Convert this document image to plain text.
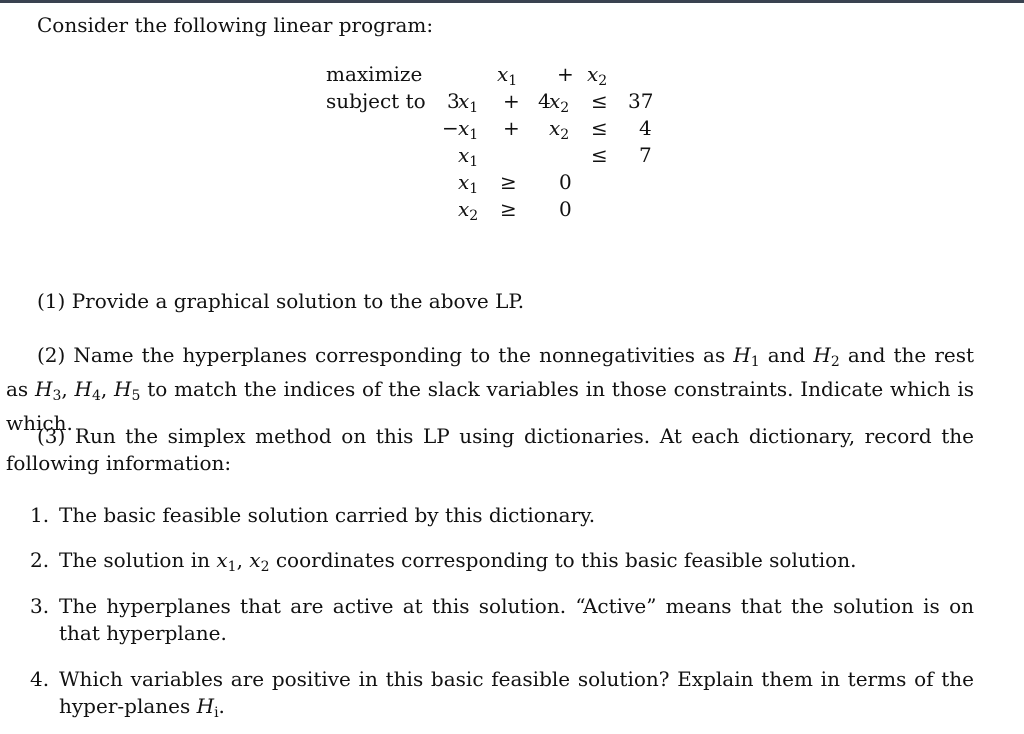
Consider the following linear program:
maximize	$x_1 + x_2$
subject to 3
$x_1 + 4$
$x_2 \le 37$
− $x_1 + x_2 \le 4$
$x_1$	≤ 7
$x_1 \ge 0$
$x_2 \ge 0$
(1) Provide a graphical solution to the above LP.
(2) Name the hyperplanes corresponding to the nonnegativities as $H_1$ and $H_2$ and the rest as $H_3$, $H_4$, $H_5$ to match the indices of the slack variables in those constraints. Indicate which is which.
(3) Run the simplex method on this LP using dictionaries. At each dictionary, record the following information:
1. The basic feasible solution carried by this dictionary.
2. The solution in $x_1$, $x_2$ coordinates corresponding to this basic feasible solution.
3. The hyperplanes that are active at this solution. “Active” means that the solution is on that hyperplane.
4. Which variables are positive in this basic feasible solution? Explain them in terms of the hyper-planes $H_i$.
